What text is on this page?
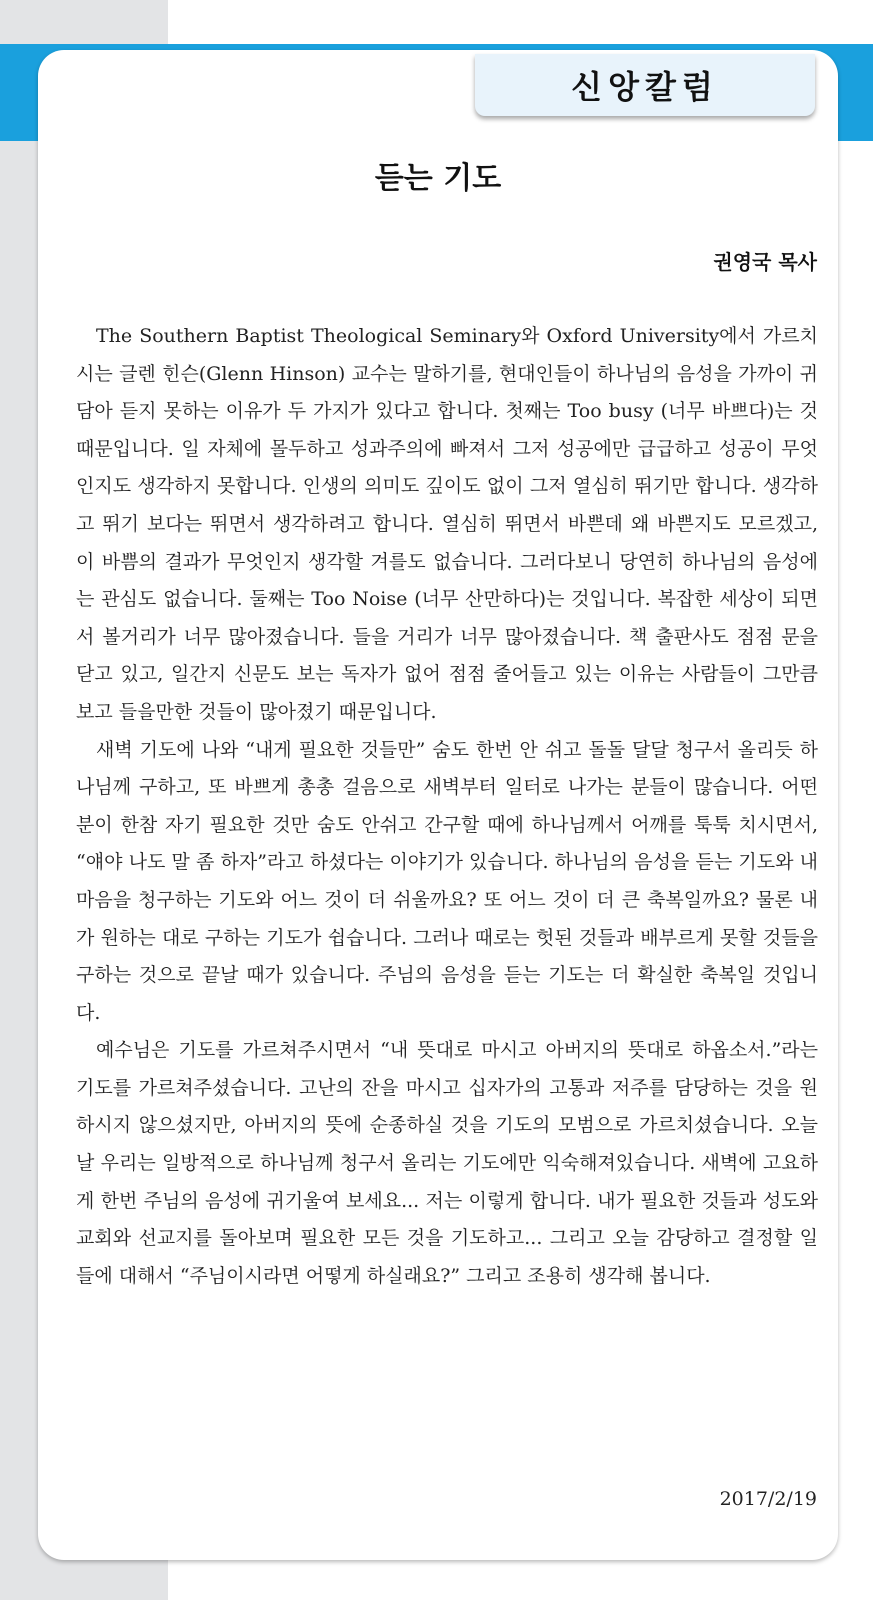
신앙칼럼
듣는 기도
권영국 목사

The Southern Baptist Theological Seminary와 Oxford University에서 가르치시는 글렌 힌슨(Glenn Hinson) 교수는 말하기를, 현대인들이 하나님의 음성을 가까이 귀담아 듣지 못하는 이유가 두 가지가 있다고 합니다. 첫째는 Too busy (너무 바쁘다)는 것 때문입니다. 일 자체에 몰두하고 성과주의에 빠져서 그저 성공에만 급급하고 성공이 무엇인지도 생각하지 못합니다. 인생의 의미도 깊이도 없이 그저 열심히 뛰기만 합니다. 생각하고 뛰기 보다는 뛰면서 생각하려고 합니다. 열심히 뛰면서 바쁜데 왜 바쁜지도 모르겠고, 이 바쁨의 결과가 무엇인지 생각할 겨를도 없습니다. 그러다보니 당연히 하나님의 음성에는 관심도 없습니다. 둘째는 Too Noise (너무 산만하다)는 것입니다. 복잡한 세상이 되면서 볼거리가 너무 많아졌습니다. 들을 거리가 너무 많아졌습니다. 책 출판사도 점점 문을 닫고 있고, 일간지 신문도 보는 독자가 없어 점점 줄어들고 있는 이유는 사람들이 그만큼 보고 들을만한 것들이 많아졌기 때문입니다.

새벽 기도에 나와 “내게 필요한 것들만” 숨도 한번 안 쉬고 돌돌 달달 청구서 올리듯 하나님께 구하고, 또 바쁘게 총총 걸음으로 새벽부터 일터로 나가는 분들이 많습니다. 어떤 분이 한참 자기 필요한 것만 숨도 안쉬고 간구할 때에 하나님께서 어깨를 툭툭 치시면서, “얘야 나도 말 좀 하자”라고 하셨다는 이야기가 있습니다. 하나님의 음성을 듣는 기도와 내 마음을 청구하는 기도와 어느 것이 더 쉬울까요? 또 어느 것이 더 큰 축복일까요? 물론 내가 원하는 대로 구하는 기도가 쉽습니다. 그러나 때로는 헛된 것들과 배부르게 못할 것들을 구하는 것으로 끝날 때가 있습니다. 주님의 음성을 듣는 기도는 더 확실한 축복일 것입니다.

예수님은 기도를 가르쳐주시면서 “내 뜻대로 마시고 아버지의 뜻대로 하옵소서.”라는 기도를 가르쳐주셨습니다. 고난의 잔을 마시고 십자가의 고통과 저주를 담당하는 것을 원하시지 않으셨지만, 아버지의 뜻에 순종하실 것을 기도의 모범으로 가르치셨습니다. 오늘날 우리는 일방적으로 하나님께 청구서 올리는 기도에만 익숙해져있습니다. 새벽에 고요하게 한번 주님의 음성에 귀기울여 보세요... 저는 이렇게 합니다. 내가 필요한 것들과 성도와 교회와 선교지를 돌아보며 필요한 모든 것을 기도하고... 그리고 오늘 감당하고 결정할 일 들에 대해서 “주님이시라면 어떻게 하실래요?” 그리고 조용히 생각해 봅니다.

2017/2/19
